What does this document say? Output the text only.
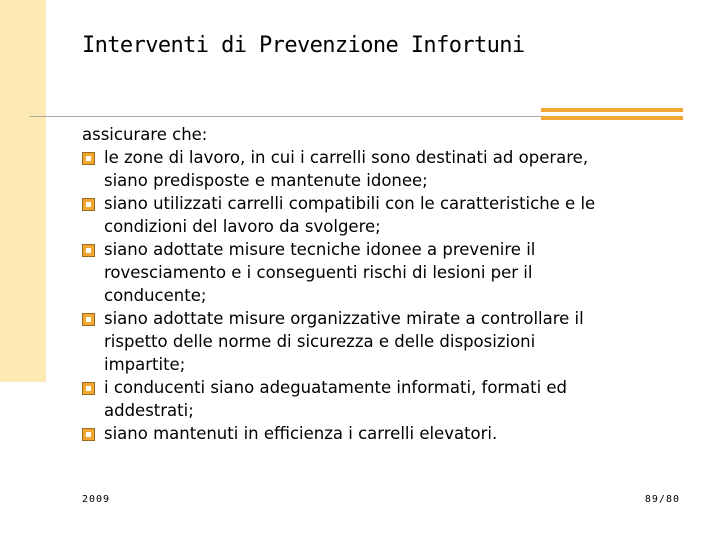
Interventi di Prevenzione Infortuni
assicurare che:
le zone di lavoro, in cui i carrelli sono destinati ad operare,
siano predisposte e mantenute idonee;
siano utilizzati carrelli compatibili con le caratteristiche e le
condizioni del lavoro da svolgere;
siano adottate misure tecniche idonee a prevenire il
rovesciamento e i conseguenti rischi di lesioni per il
conducente;
siano adottate misure organizzative mirate a controllare il
rispetto delle norme di sicurezza e delle disposizioni
impartite;
i conducenti siano adeguatamente informati, formati ed
addestrati;
siano mantenuti in efficienza i carrelli elevatori.
2009	89/80
